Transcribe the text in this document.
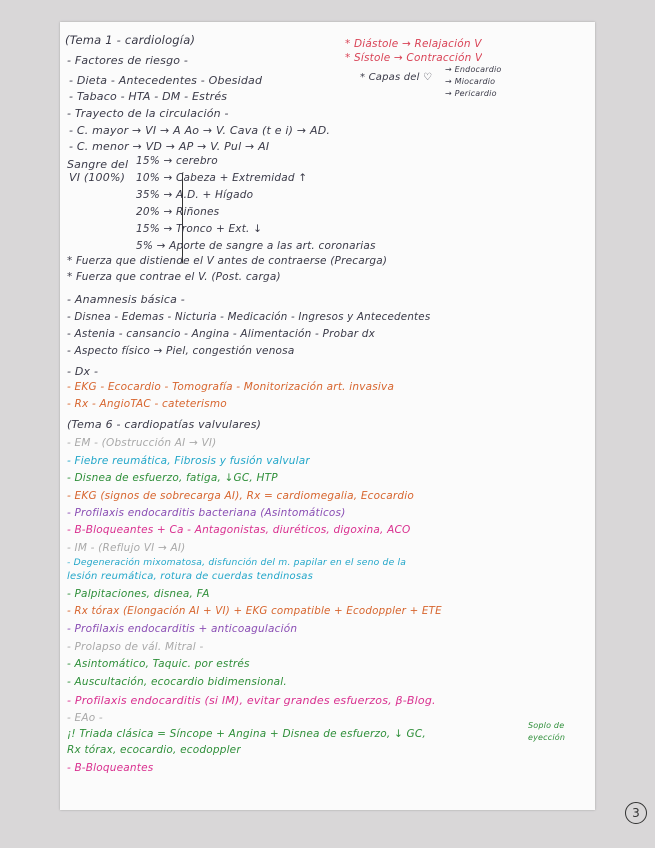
3
(Tema 1 - cardiología)
- Factores de riesgo -
- Dieta - Antecedentes - Obesidad
- Tabaco - HTA - DM - Estrés
- Trayecto de la circulación -
- C. mayor → VI → A Ao → V. Cava (t e i) → AD.
- C. menor → VD → AP → V. Pul → AI
Sangre del
VI (100%)
15% → cerebro
10% → Cabeza + Extremidad ↑
35% → A.D. + Hígado
20% → Riñones
15% → Tronco + Ext. ↓
5% → Aporte de sangre a las art. coronarias
* Diástole → Relajación V
* Sístole → Contracción V
* Capas del ♡
→ Endocardio
→ Miocardio
→ Pericardio
* Fuerza que distiende el V antes de contraerse (Precarga)
* Fuerza que contrae el V. (Post. carga)
- Anamnesis básica -
- Disnea - Edemas - Nicturia - Medicación - Ingresos y Antecedentes
- Astenia - cansancio - Angina - Alimentación - Probar dx
- Aspecto físico → Piel, congestión venosa
- Dx -
- EKG - Ecocardio - Tomografía - Monitorización art. invasiva
- Rx - AngioTAC - cateterismo
(Tema 6 - cardiopatías valvulares)
- EM - (Obstrucción AI → VI)
- Fiebre reumática, Fibrosis y fusión valvular
- Disnea de esfuerzo, fatiga, ↓GC, HTP
- EKG (signos de sobrecarga AI), Rx = cardiomegalia, Ecocardio
- Profilaxis endocarditis bacteriana (Asintomáticos)
- B-Bloqueantes + Ca - Antagonistas, diuréticos, digoxina, ACO
- IM - (Reflujo VI → AI)
- Degeneración mixomatosa, disfunción del m. papilar en el seno de la
lesión reumática, rotura de cuerdas tendinosas
- Palpitaciones, disnea, FA
- Rx tórax (Elongación AI + VI) + EKG compatible + Ecodoppler + ETE
- Profilaxis endocarditis + anticoagulación
- Prolapso de vál. Mitral -
- Asintomático, Taquic. por estrés
- Auscultación, ecocardio bidimensional.
- Profilaxis endocarditis (si IM), evitar grandes esfuerzos, β-Blog.
- EAo -
¡! Triada clásica = Síncope + Angina + Disnea de esfuerzo, ↓ GC,
Rx tórax, ecocardio, ecodoppler
Soplo de
eyección
- B-Bloqueantes
